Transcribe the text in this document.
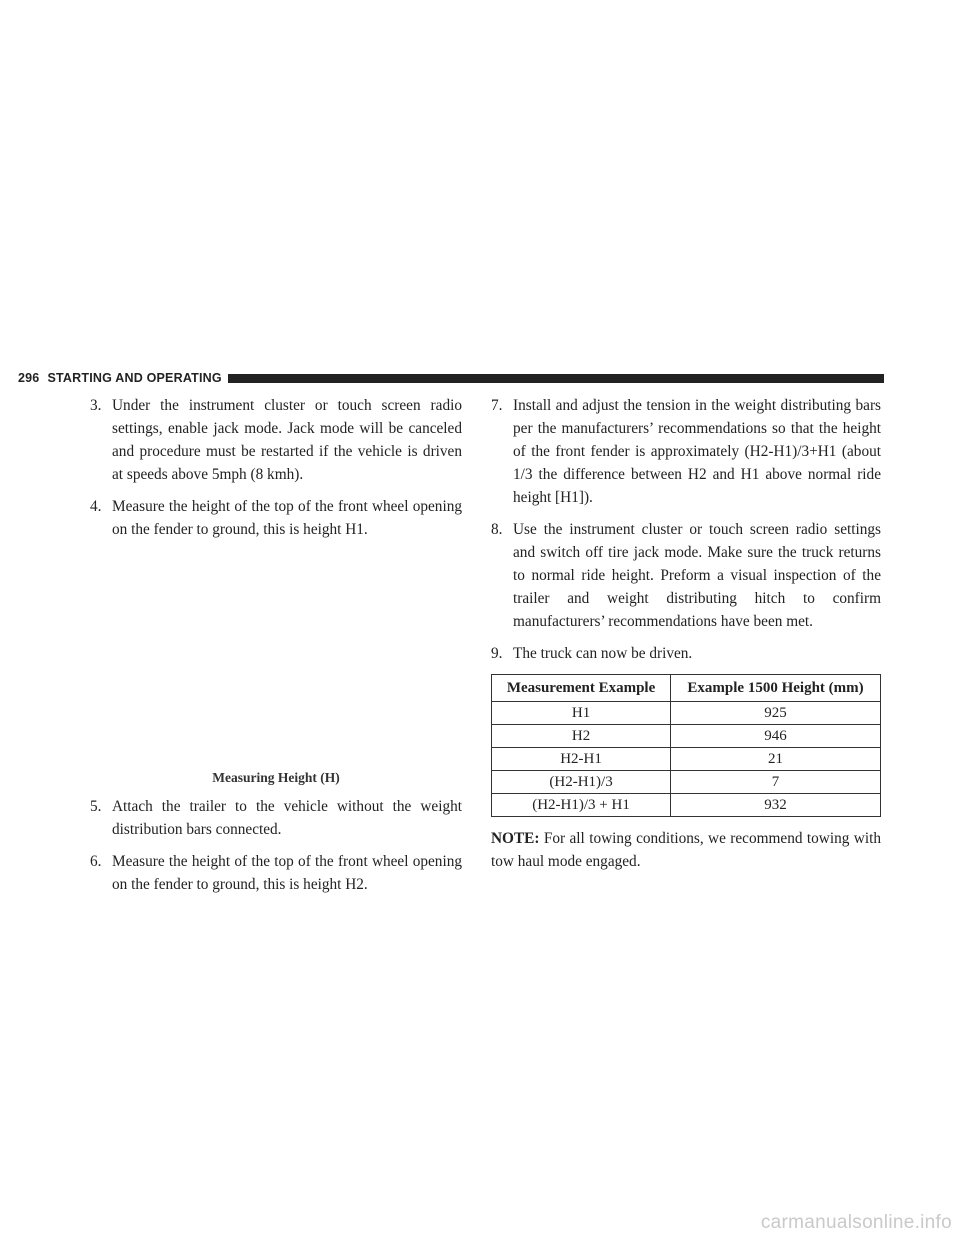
296 STARTING AND OPERATING
3. Under the instrument cluster or touch screen radio settings, enable jack mode. Jack mode will be canceled and procedure must be restarted if the vehicle is driven at speeds above 5mph (8 kmh).
4. Measure the height of the top of the front wheel opening on the fender to ground, this is height H1.
Measuring Height (H)
5. Attach the trailer to the vehicle without the weight distribution bars connected.
6. Measure the height of the top of the front wheel opening on the fender to ground, this is height H2.
7. Install and adjust the tension in the weight distributing bars per the manufacturers’ recommendations so that the height of the front fender is approximately (H2-H1)/3+H1 (about 1/3 the difference between H2 and H1 above normal ride height [H1]).
8. Use the instrument cluster or touch screen radio settings and switch off tire jack mode. Make sure the truck returns to normal ride height. Preform a visual inspection of the trailer and weight distributing hitch to confirm manufacturers’ recommendations have been met.
9. The truck can now be driven.
Measurement Example	Example 1500 Height (mm)
H1	925
H2	946
H2-H1	21
(H2-H1)/3	7
(H2-H1)/3 + H1	932
NOTE: For all towing conditions, we recommend towing with tow haul mode engaged.
carmanualsonline.info
